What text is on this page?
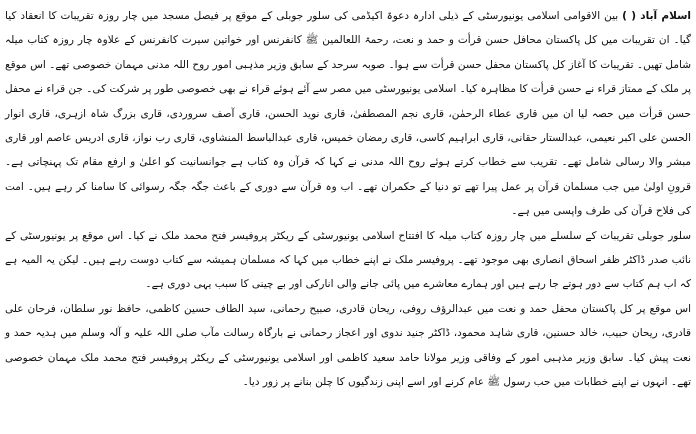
اسلام آباد ( ) بین الاقوامی اسلامی یونیورسٹی کے ذیلی ادارہ دعوۃ اکیڈمی کی سلور جوبلی کے موقع پر فیصل مسجد میں چار روزہ تقریبات کا انعقاد کیا گیا۔ ان تقریبات میں کل پاکستان محافل حسن قرأت و حمد و نعت، رحمۃ اللعالمین ﷺ کانفرنس اور خواتین سیرت کانفرنس کے علاوہ چار روزہ کتاب میلہ شامل تھیں۔ تقریبات کا آغاز کل پاکستان محفل حسن قرأت سے ہوا۔ صوبہ سرحد کے سابق وزیر مذہبی امور روح اللہ مدنی مہمان خصوصی تھے۔ اس موقع پر ملک کے ممتاز قراء نے حسن قرأت کا مظاہرہ کیا۔ اسلامی یونیورسٹی میں مصر سے آئے ہوئے قراء نے بھی خصوصی طور پر شرکت کی۔ جن قراء نے محفل حسن قرأت میں حصہ لیا ان میں قاری عطاء الرحمٰن، قاری نجم المصطفیٰ، قاری نوید الحسن، قاری آصف سروردی، قاری بزرگ شاہ ازہری، قاری انوار الحسن علی اکبر نعیمی، عبدالستار حقانی، قاری ابراہیم کاسی، قاری رمضان خمیس، قاری عبدالباسط المنشاوی، قاری رب نواز، قاری ادریس عاصم اور قاری مبشر والا رسالی شامل تھے۔ تقریب سے خطاب کرتے ہوئے روح اللہ مدنی نے کہا کہ قرآن وہ کتاب ہے جوانسانیت کو اعلیٰ و ارفع مقام تک پہنچاتی ہے۔ قرونِ اولیٰ میں جب مسلمان قرآن پر عمل پیرا تھے تو دنیا کے حکمران تھے۔ اب وہ قرآن سے دوری کے باعث جگہ جگہ رسوائی کا سامنا کر رہے ہیں۔ امت کی فلاح قرآن کی طرف واپسی میں ہے۔

سلور جوبلی تقریبات کے سلسلے میں چار روزہ کتاب میلہ کا افتتاح اسلامی یونیورسٹی کے ریکٹر پروفیسر فتح محمد ملک نے کیا۔ اس موقع پر یونیورسٹی کے نائب صدر ڈاکٹر ظفر اسحاق انصاری بھی موجود تھے۔ پروفیسر ملک نے اپنے خطاب میں کہا کہ مسلمان ہمیشہ سے کتاب دوست رہے ہیں۔ لیکن یہ المیہ ہے کہ اب ہم کتاب سے دور ہوتے جا رہے ہیں اور ہمارے معاشرے میں پائی جانے والی انارکی اور بے چینی کا سبب یہی دوری ہے۔

اس موقع پر کل پاکستان محفل حمد و نعت میں عبدالرؤف روفی، ریحان قادری، صبیح رحمانی، سید الطاف حسین کاظمی، حافظ نور سلطان، فرحان علی قادری، ریحان حبیب، خالد حسنین، قاری شاہد محمود، ڈاکٹر جنید ندوی اور اعجاز رحمانی نے بارگاہ رسالت مآب صلی اللہ علیہ و آلہ وسلم میں ہدیہ حمد و نعت پیش کیا۔ سابق وزیر مذہبی امور کے وفاقی وزیر مولانا حامد سعید کاظمی اور اسلامی یونیورسٹی کے ریکٹر پروفیسر فتح محمد ملک مہمان خصوصی تھے۔ انہوں نے اپنے خطابات میں حب رسول ﷺ عام کرنے اور اسے اپنی زندگیوں کا چلن بنانے پر زور دیا۔
